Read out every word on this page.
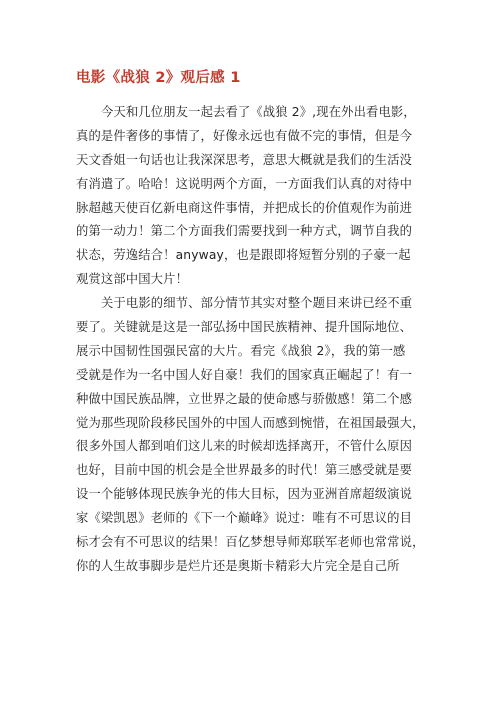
电影《战狼 2》观后感 1
今天和几位朋友一起去看了《战狼 2》,现在外出看电影，
真的是件奢侈的事情了，好像永远也有做不完的事情，但是今
天文香姐一句话也让我深深思考，意思大概就是我们的生活没
有消遣了。哈哈！这说明两个方面，一方面我们认真的对待中
脉超越天使百亿新电商这件事情，并把成长的价值观作为前进
的第一动力！第二个方面我们需要找到一种方式，调节自我的
状态，劳逸结合！anyway，也是跟即将短暂分别的子豪一起
观赏这部中国大片！
关于电影的细节、部分情节其实对整个题目来讲已经不重
要了。关键就是这是一部弘扬中国民族精神、提升国际地位、
展示中国韧性国强民富的大片。看完《战狼 2》，我的第一感
受就是作为一名中国人好自豪！我们的国家真正崛起了！有一
种做中国民族品牌，立世界之最的使命感与骄傲感！第二个感
觉为那些现阶段移民国外的中国人而感到惋惜，在祖国最强大，
很多外国人都到咱们这儿来的时候却选择离开，不管什么原因
也好，目前中国的机会是全世界最多的时代！第三感受就是要
设一个能够体现民族争光的伟大目标，因为亚洲首席超级演说
家《梁凯恩》老师的《下一个巅峰》说过：唯有不可思议的目
标才会有不可思议的结果！百亿梦想导师郑联军老师也常常说，
你的人生故事脚步是烂片还是奥斯卡精彩大片完全是自己所
